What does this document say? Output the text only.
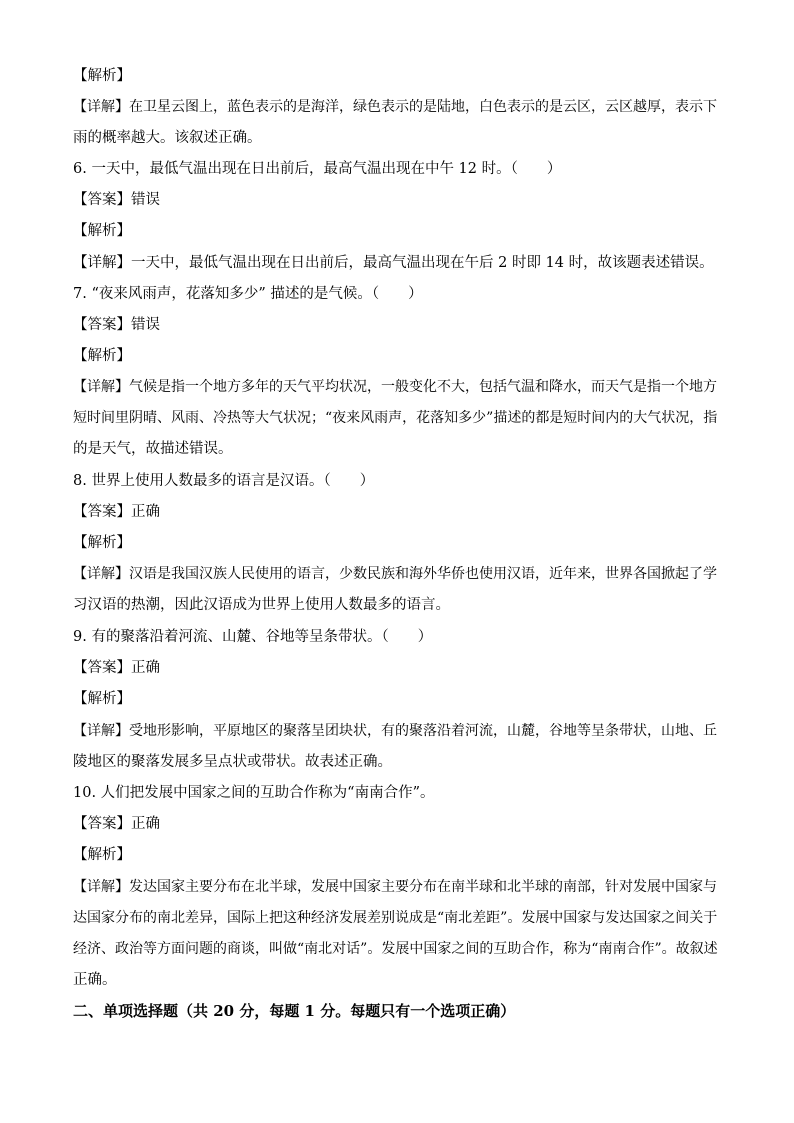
【解析】
【详解】在卫星云图上，蓝色表示的是海洋，绿色表示的是陆地，白色表示的是云区，云区越厚，表示下
雨的概率越大。该叙述正确。
6. 一天中，最低气温出现在日出前后，最高气温出现在中午 12 时。（　　）
【答案】错误
【解析】
【详解】一天中，最低气温出现在日出前后，最高气温出现在午后 2 时即 14 时，故该题表述错误。
7. “夜来风雨声，花落知多少” 描述的是气候。（　　）
【答案】错误
【解析】
【详解】气候是指一个地方多年的天气平均状况，一般变化不大，包括气温和降水，而天气是指一个地方
短时间里阴晴、风雨、冷热等大气状况；“夜来风雨声，花落知多少”描述的都是短时间内的大气状况，指
的是天气，故描述错误。
8. 世界上使用人数最多的语言是汉语。（　　）
【答案】正确
【解析】
【详解】汉语是我国汉族人民使用的语言，少数民族和海外华侨也使用汉语，近年来，世界各国掀起了学
习汉语的热潮，因此汉语成为世界上使用人数最多的语言。
9. 有的聚落沿着河流、山麓、谷地等呈条带状。（　　）
【答案】正确
【解析】
【详解】受地形影响，平原地区的聚落呈团块状，有的聚落沿着河流，山麓，谷地等呈条带状，山地、丘
陵地区的聚落发展多呈点状或带状。故表述正确。
10. 人们把发展中国家之间的互助合作称为“南南合作”。
【答案】正确
【解析】
【详解】发达国家主要分布在北半球，发展中国家主要分布在南半球和北半球的南部，针对发展中国家与
达国家分布的南北差异，国际上把这种经济发展差别说成是“南北差距”。发展中国家与发达国家之间关于
经济、政治等方面问题的商谈，叫做“南北对话”。发展中国家之间的互助合作，称为“南南合作”。故叙述
正确。
二、单项选择题（共 20 分，每题 1 分。每题只有一个选项正确）
